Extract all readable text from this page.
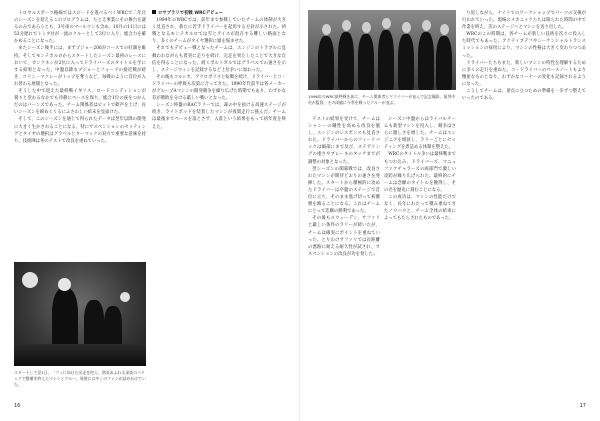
トロヤルスポーツ路線ではスピードを遂べるべくWRCで二年目のシーズンを迎えるこのプログラムは、たとえ事業にその舞台を譲るのみであろうとも、3号車のマールウンも含め、10月の11日には53分遅れでトミタ社が一流のクルーとして3位に入り、総合力を確かめることになった。

またシーズン後半には、まずプジョー206がコースでの好調を維持。そしてモンテカルロからスタートしたシーズン最初のレースにおいて、カンクネンが2位に入ってドライバーズのタイトルを手にする結果となった。中盤以降もプジョーとフォードの接近戦が続き、コリン・マクレーがトップを奪うなど、毎戦のように首位が入れ替わる展開となった。

そうした中で迎えた最終戦イギリス、ロードコンディションが刻々と変わるなかでも冷静にペースを保ち、総合1位の座をつかんだのはバーンズであった。チーム関係者はピットで歓声を上げ、長いシーズンを締めくくるにふさわしい結末を見届けた。

そして、このシーズンを通じて得られたデータは翌年以降の開発に大きく生かされることになる。特にサスペンションのセッティングとタイヤの選択はグラベルとターマックの双方で重要な意味を持ち、技術陣は冬のテストで改良を重ねていった。

ロサブラリで初戦 WRCデビュー

1994年のWRCでは、前年まで参戦していたチームの体制が大きく見直され、新たに若手ドライバーを起用する方針が示された。初戦となるモンテカルロでは雪とアイスが混在する難しい路面となり、多くのチームがタイヤ選択に頭を悩ませた。

それでもデビュー戦となったチームは、エンジンのトラブルに見舞われながらも着実に走りを続け、完走を果たしたことで大きな自信を得ることになった。続くポルトガルではグラベルでの速さを示し、ステージウィンを記録するなど上位争いに加わった。

その後もコルシカ、アクロポリスと転戦を続け、ドライバーとコ・ドライバーの呼吸も次第に合ってきた。1990年代前半は各メーカーがグループAマシンの開発競争を繰り広げた時期でもあり、わずかな差が勝敗を分ける厳しい戦いとなった。

シーズン終盤のRACラリーでは、森の中を抜ける高速ステージが続き、ライトポッドを装着したマシンが夜間走行に挑んだ。チームは最後までペースを落とさず、入賞という結果をもって初年度を終えた。

スタートして翌1日、「フィに向けた出走を控え、熱気あふれる深夜のパドックで整備を終えたマシンとクルー。周囲には多くのファンが詰めかけていた。

16

1996年のWRC最終戦を前に、チーム関係者とドライバーが並んで記念撮影。前列中央が監督、その両脇に今季を戦ったクルーが並ぶ。

テストの結果を受けて、チームはシャシーの剛性を高める改良を施し、エンジンのレスポンスも見直された。ドライバーからのフィードバックは細部にまで及び、ステアリングの重さやブレーキのタッチまでが調整の対象となった。

翌シーズンの開幕戦では、改良されたマシンが期待どおりの速さを発揮した。スタートから積極的に攻めたドライバーは序盤のステージで首位に立ち、そのまま逃げ切って初優勝を飾ることになる。これはチームにとって悲願の勝利であった。

その後もスウェーデン、サファリと厳しい条件のラリーが続いたが、チームは確実にポイントを重ねていった。とりわけサファリでは長距離の悪路に耐える耐久性が試され、サスペンションの改良が功を奏した。

シーズン中盤からはライバルチームも新型マシンを投入し、競争はさらに激しさを増した。チームはエンジニアを増員し、ラリーごとにセッティングを煮詰める体制を整えた。

WRCのタイトル争いは最終戦までもつれ込み、ドライバーズ、マニュファクチャラーズの両部門で激しい攻防が繰り広げられた。最終的にチームは念願のタイトルを獲得し、その名を歴史に刻むことになる。

この成功は、マシンの性能だけでなく、長年にわたって積み重ねてきたノウハウと、チーム全体の結束によってもたらされたものであった。

り返しながら、ナイトでのワークショップでパーツの交換が行われていった。現場のメカニックたちは限られた時間の中で作業を終え、次のステージへとマシンを送り出した。

WRCのこの時期は、各チームが新しい技術を次々に投入した時代でもあった。アクティブデフやシーケンシャルトランスミッションの採用により、マシンの性格は大きく変わりつつあった。

ドライバーたちもまた、新しいマシンの特性を理解するために多くの走行を重ねた。コ・ドライバーのペースノートもより精密なものとなり、わずかなコーナーの変化も記録されるようになった。

こうしてチームは、頂点に立つための準備を一歩ずつ整えていったのである。

17
